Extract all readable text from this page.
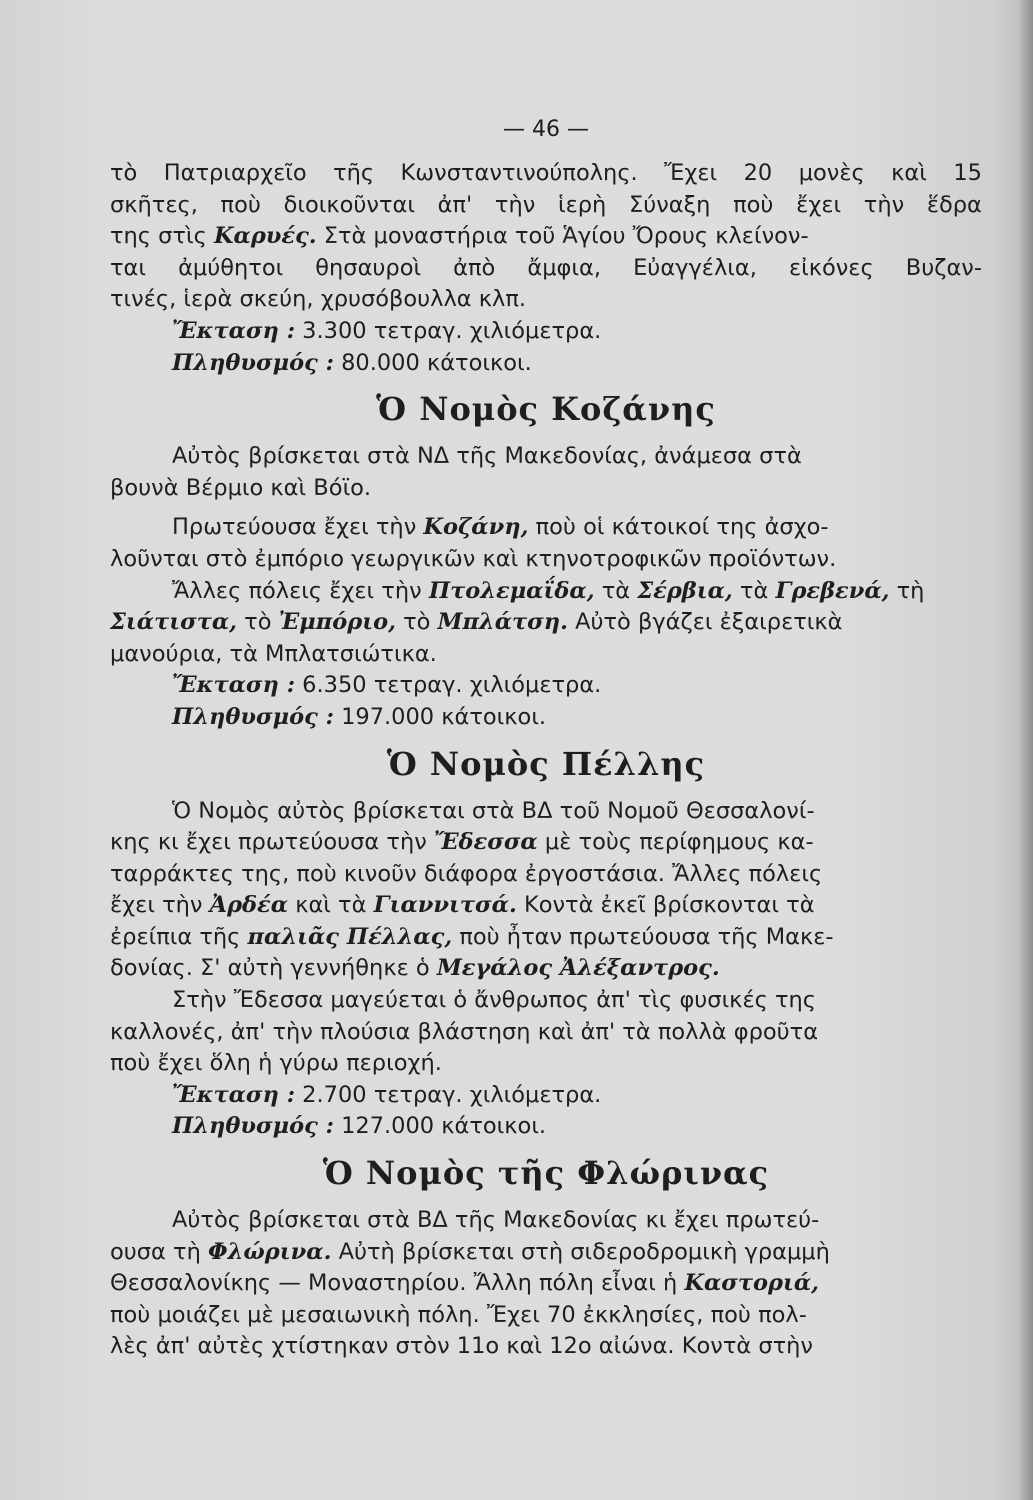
— 46 —
τὸ Πατριαρχεῖο τῆς Κωνσταντινούπολης. Ἔχει 20 μονὲς καὶ 15
σκῆτες, ποὺ διοικοῦνται ἀπ' τὴν ἱερὴ Σύναξη ποὺ ἔχει τὴν ἕδρα
της στὶς
Καρυές.
Στὰ μοναστήρια τοῦ Ἁγίου Ὄρους κλείνον-
ται ἀμύθητοι θησαυροὶ ἀπὸ ἄμφια, Εὐαγγέλια, εἰκόνες Βυζαν-
τινές, ἱερὰ σκεύη, χρυσόβουλλα κλπ.
Ἔκταση :
3.300 τετραγ. χιλιόμετρα.
Πληθυσμός :
80.000 κάτοικοι.
Ὁ Νομὸς Κοζάνης
Αὐτὸς βρίσκεται στὰ ΝΔ τῆς Μακεδονίας, ἀνάμεσα στὰ
βουνὰ Βέρμιο καὶ Βόϊο.
Πρωτεύουσα ἔχει τὴν
Κοζάνη,
ποὺ οἱ κάτοικοί της ἀσχο-
λοῦνται στὸ ἐμπόριο γεωργικῶν καὶ κτηνοτροφικῶν προϊόντων.
Ἄλλες πόλεις ἔχει τὴν
Πτολεμαΐδα,
τὰ
Σέρβια,
τὰ
Γρεβενά,
τὴ
Σιάτιστα,
τὸ
Ἐμπόριο,
τὸ
Μπλάτση.
Αὐτὸ βγάζει ἐξαιρετικὰ
μανούρια, τὰ Μπλατσιώτικα.
Ἔκταση :
6.350 τετραγ. χιλιόμετρα.
Πληθυσμός :
197.000 κάτοικοι.
Ὁ Νομὸς Πέλλης
Ὁ Νομὸς αὐτὸς βρίσκεται στὰ ΒΔ τοῦ Νομοῦ Θεσσαλονί-
κης κι ἔχει πρωτεύουσα τὴν
Ἔδεσσα
μὲ τοὺς περίφημους κα-
ταρράκτες της, ποὺ κινοῦν διάφορα ἐργοστάσια. Ἄλλες πόλεις
ἔχει τὴν
Ἀρδέα
καὶ τὰ
Γιαννιτσά.
Κοντὰ ἐκεῖ βρίσκονται τὰ
ἐρείπια τῆς
παλιᾶς Πέλλας,
ποὺ ἦταν πρωτεύουσα τῆς Μακε-
δονίας. Σ' αὐτὴ γεννήθηκε ὁ
Μεγάλος Ἀλέξαντρος.
Στὴν Ἔδεσσα μαγεύεται ὁ ἄνθρωπος ἀπ' τὶς φυσικές της
καλλονές, ἀπ' τὴν πλούσια βλάστηση καὶ ἀπ' τὰ πολλὰ φροῦτα
ποὺ ἔχει ὅλη ἡ γύρω περιοχή.
Ἔκταση :
2.700 τετραγ. χιλιόμετρα.
Πληθυσμός :
127.000 κάτοικοι.
Ὁ Νομὸς τῆς Φλώρινας
Αὐτὸς βρίσκεται στὰ ΒΔ τῆς Μακεδονίας κι ἔχει πρωτεύ-
ουσα τὴ
Φλώρινα.
Αὐτὴ βρίσκεται στὴ σιδεροδρομικὴ γραμμὴ
Θεσσαλονίκης — Μοναστηρίου. Ἄλλη πόλη εἶναι ἡ
Καστοριά,
ποὺ μοιάζει μὲ μεσαιωνικὴ πόλη. Ἔχει 70 ἐκκλησίες, ποὺ πολ-
λὲς ἀπ' αὐτὲς χτίστηκαν στὸν 11ο καὶ 12ο αἰώνα. Κοντὰ στὴν
